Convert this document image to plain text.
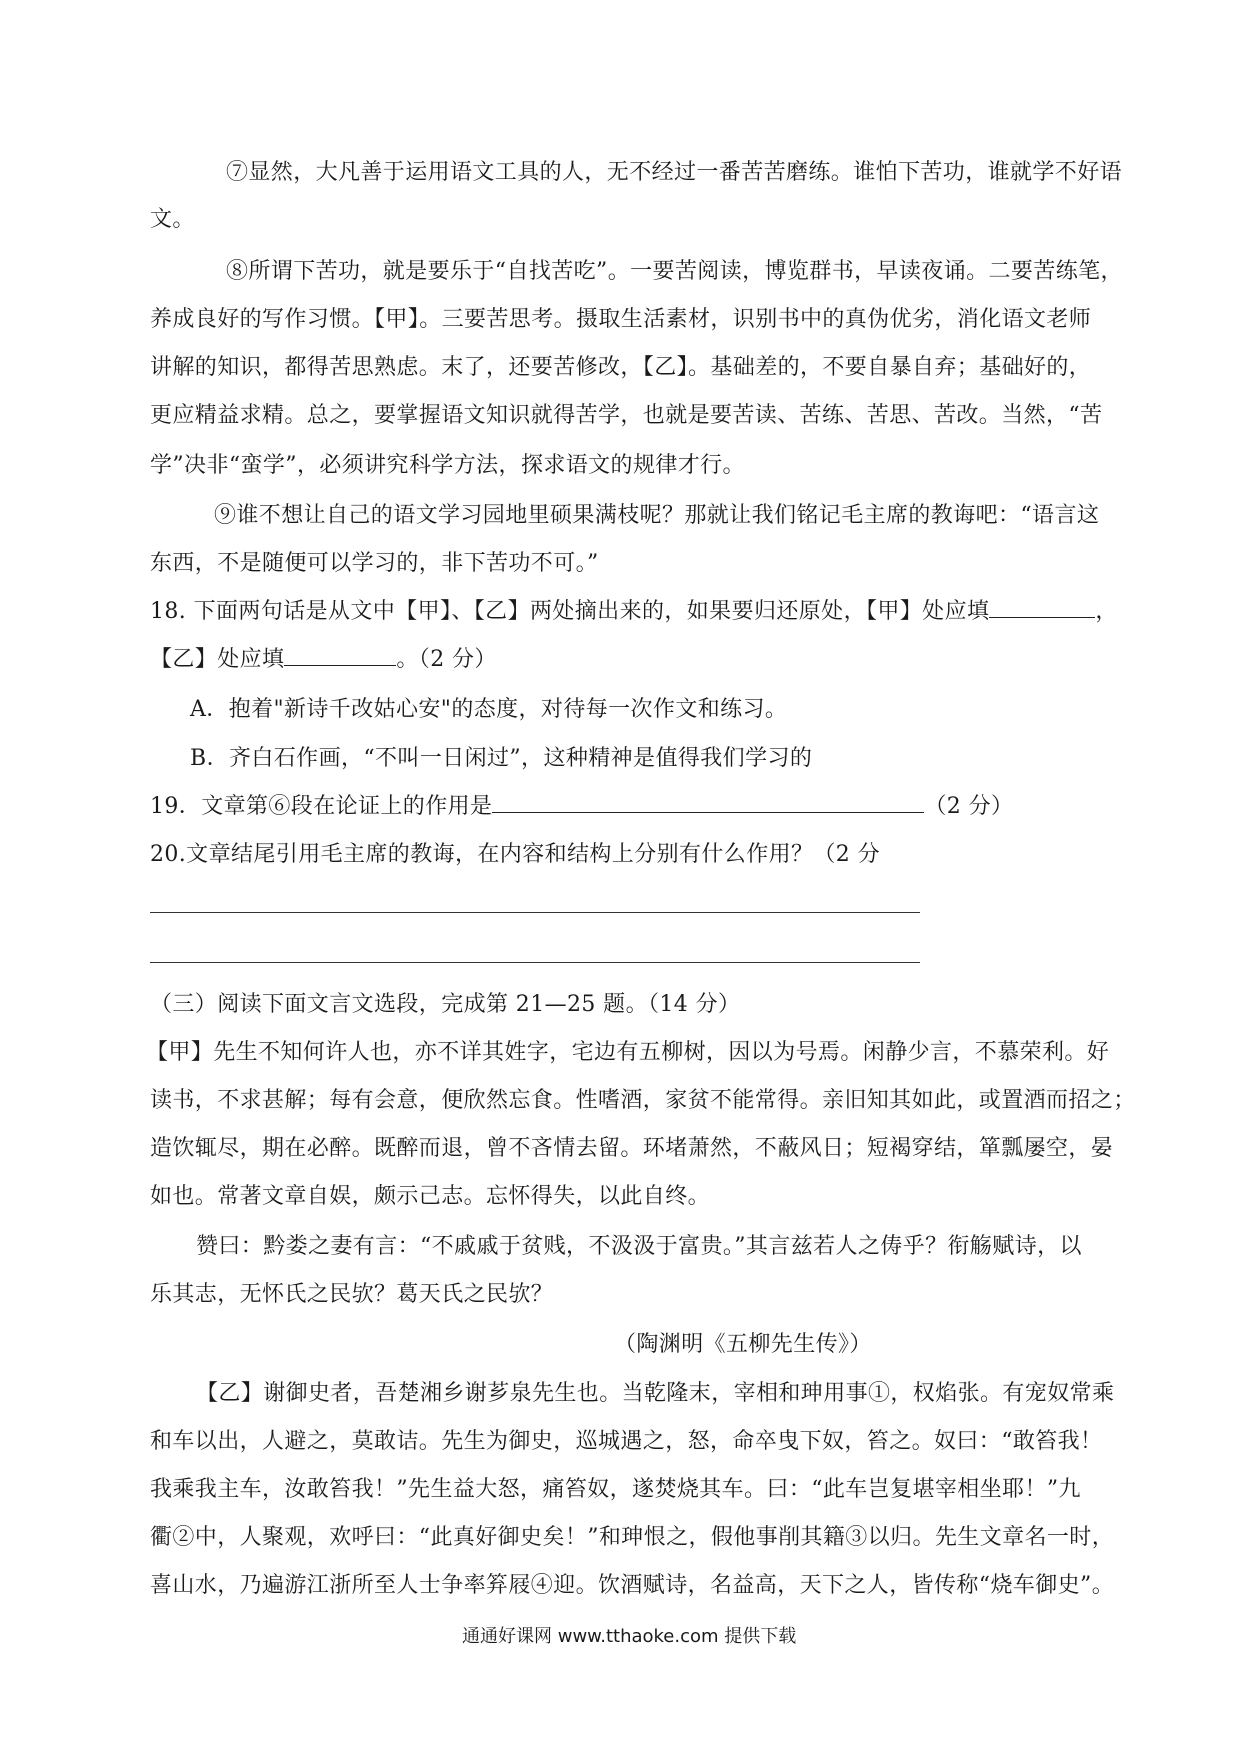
⑦显然，大凡善于运用语文工具的人，无不经过一番苦苦磨练。谁怕下苦功，谁就学不好语
文。
⑧所谓下苦功，就是要乐于“自找苦吃”。一要苦阅读，博览群书，早读夜诵。二要苦练笔，
养成良好的写作习惯。【甲】。三要苦思考。摄取生活素材，识别书中的真伪优劣，消化语文老师
讲解的知识，都得苦思熟虑。末了，还要苦修改，【乙】。基础差的，不要自暴自弃；基础好的，
更应精益求精。总之，要掌握语文知识就得苦学，也就是要苦读、苦练、苦思、苦改。当然，“苦
学”决非“蛮学”，必须讲究科学方法，探求语文的规律才行。
⑨谁不想让自己的语文学习园地里硕果满枝呢？那就让我们铭记毛主席的教诲吧：“语言这
东西，不是随便可以学习的，非下苦功不可。”
18. 下面两句话是从文中【甲】、【乙】两处摘出来的，如果要归还原处，【甲】处应填	，
【乙】处应填	。（2 分）
A．抱着"新诗千改姑心安"的态度，对待每一次作文和练习。
B．齐白石作画，“不叫一日闲过”，这种精神是值得我们学习的
19．文章第⑥段在论证上的作用是	（2 分）
20.文章结尾引用毛主席的教诲，在内容和结构上分别有什么作用？（2 分
（三）阅读下面文言文选段，完成第 21—25 题。（14 分）
【甲】先生不知何许人也，亦不详其姓字，宅边有五柳树，因以为号焉。闲静少言，不慕荣利。好
读书，不求甚解；每有会意，便欣然忘食。性嗜酒，家贫不能常得。亲旧知其如此，或置酒而招之；
造饮辄尽，期在必醉。既醉而退，曾不吝情去留。环堵萧然，不蔽风日；短褐穿结，箪瓢屡空，晏
如也。常著文章自娱，颇示己志。忘怀得失，以此自终。
赞曰：黔娄之妻有言：“不戚戚于贫贱，不汲汲于富贵。”其言兹若人之俦乎？衔觞赋诗，以
乐其志，无怀氏之民欤？葛天氏之民欤？
（陶渊明《五柳先生传》）
【乙】谢御史者，吾楚湘乡谢芗泉先生也。当乾隆末，宰相和珅用事①，权焰张。有宠奴常乘
和车以出，人避之，莫敢诘。先生为御史，巡城遇之，怒，命卒曳下奴，笞之。奴曰：“敢笞我！
我乘我主车，汝敢笞我！”先生益大怒，痛笞奴，遂焚烧其车。曰：“此车岂复堪宰相坐耶！”九
衢②中，人聚观，欢呼曰：“此真好御史矣！”和珅恨之，假他事削其籍③以归。先生文章名一时，
喜山水，乃遍游江浙所至人士争率笲屐④迎。饮酒赋诗，名益高，天下之人，皆传称“烧车御史”。
通通好课网 www.tthaoke.com 提供下载
